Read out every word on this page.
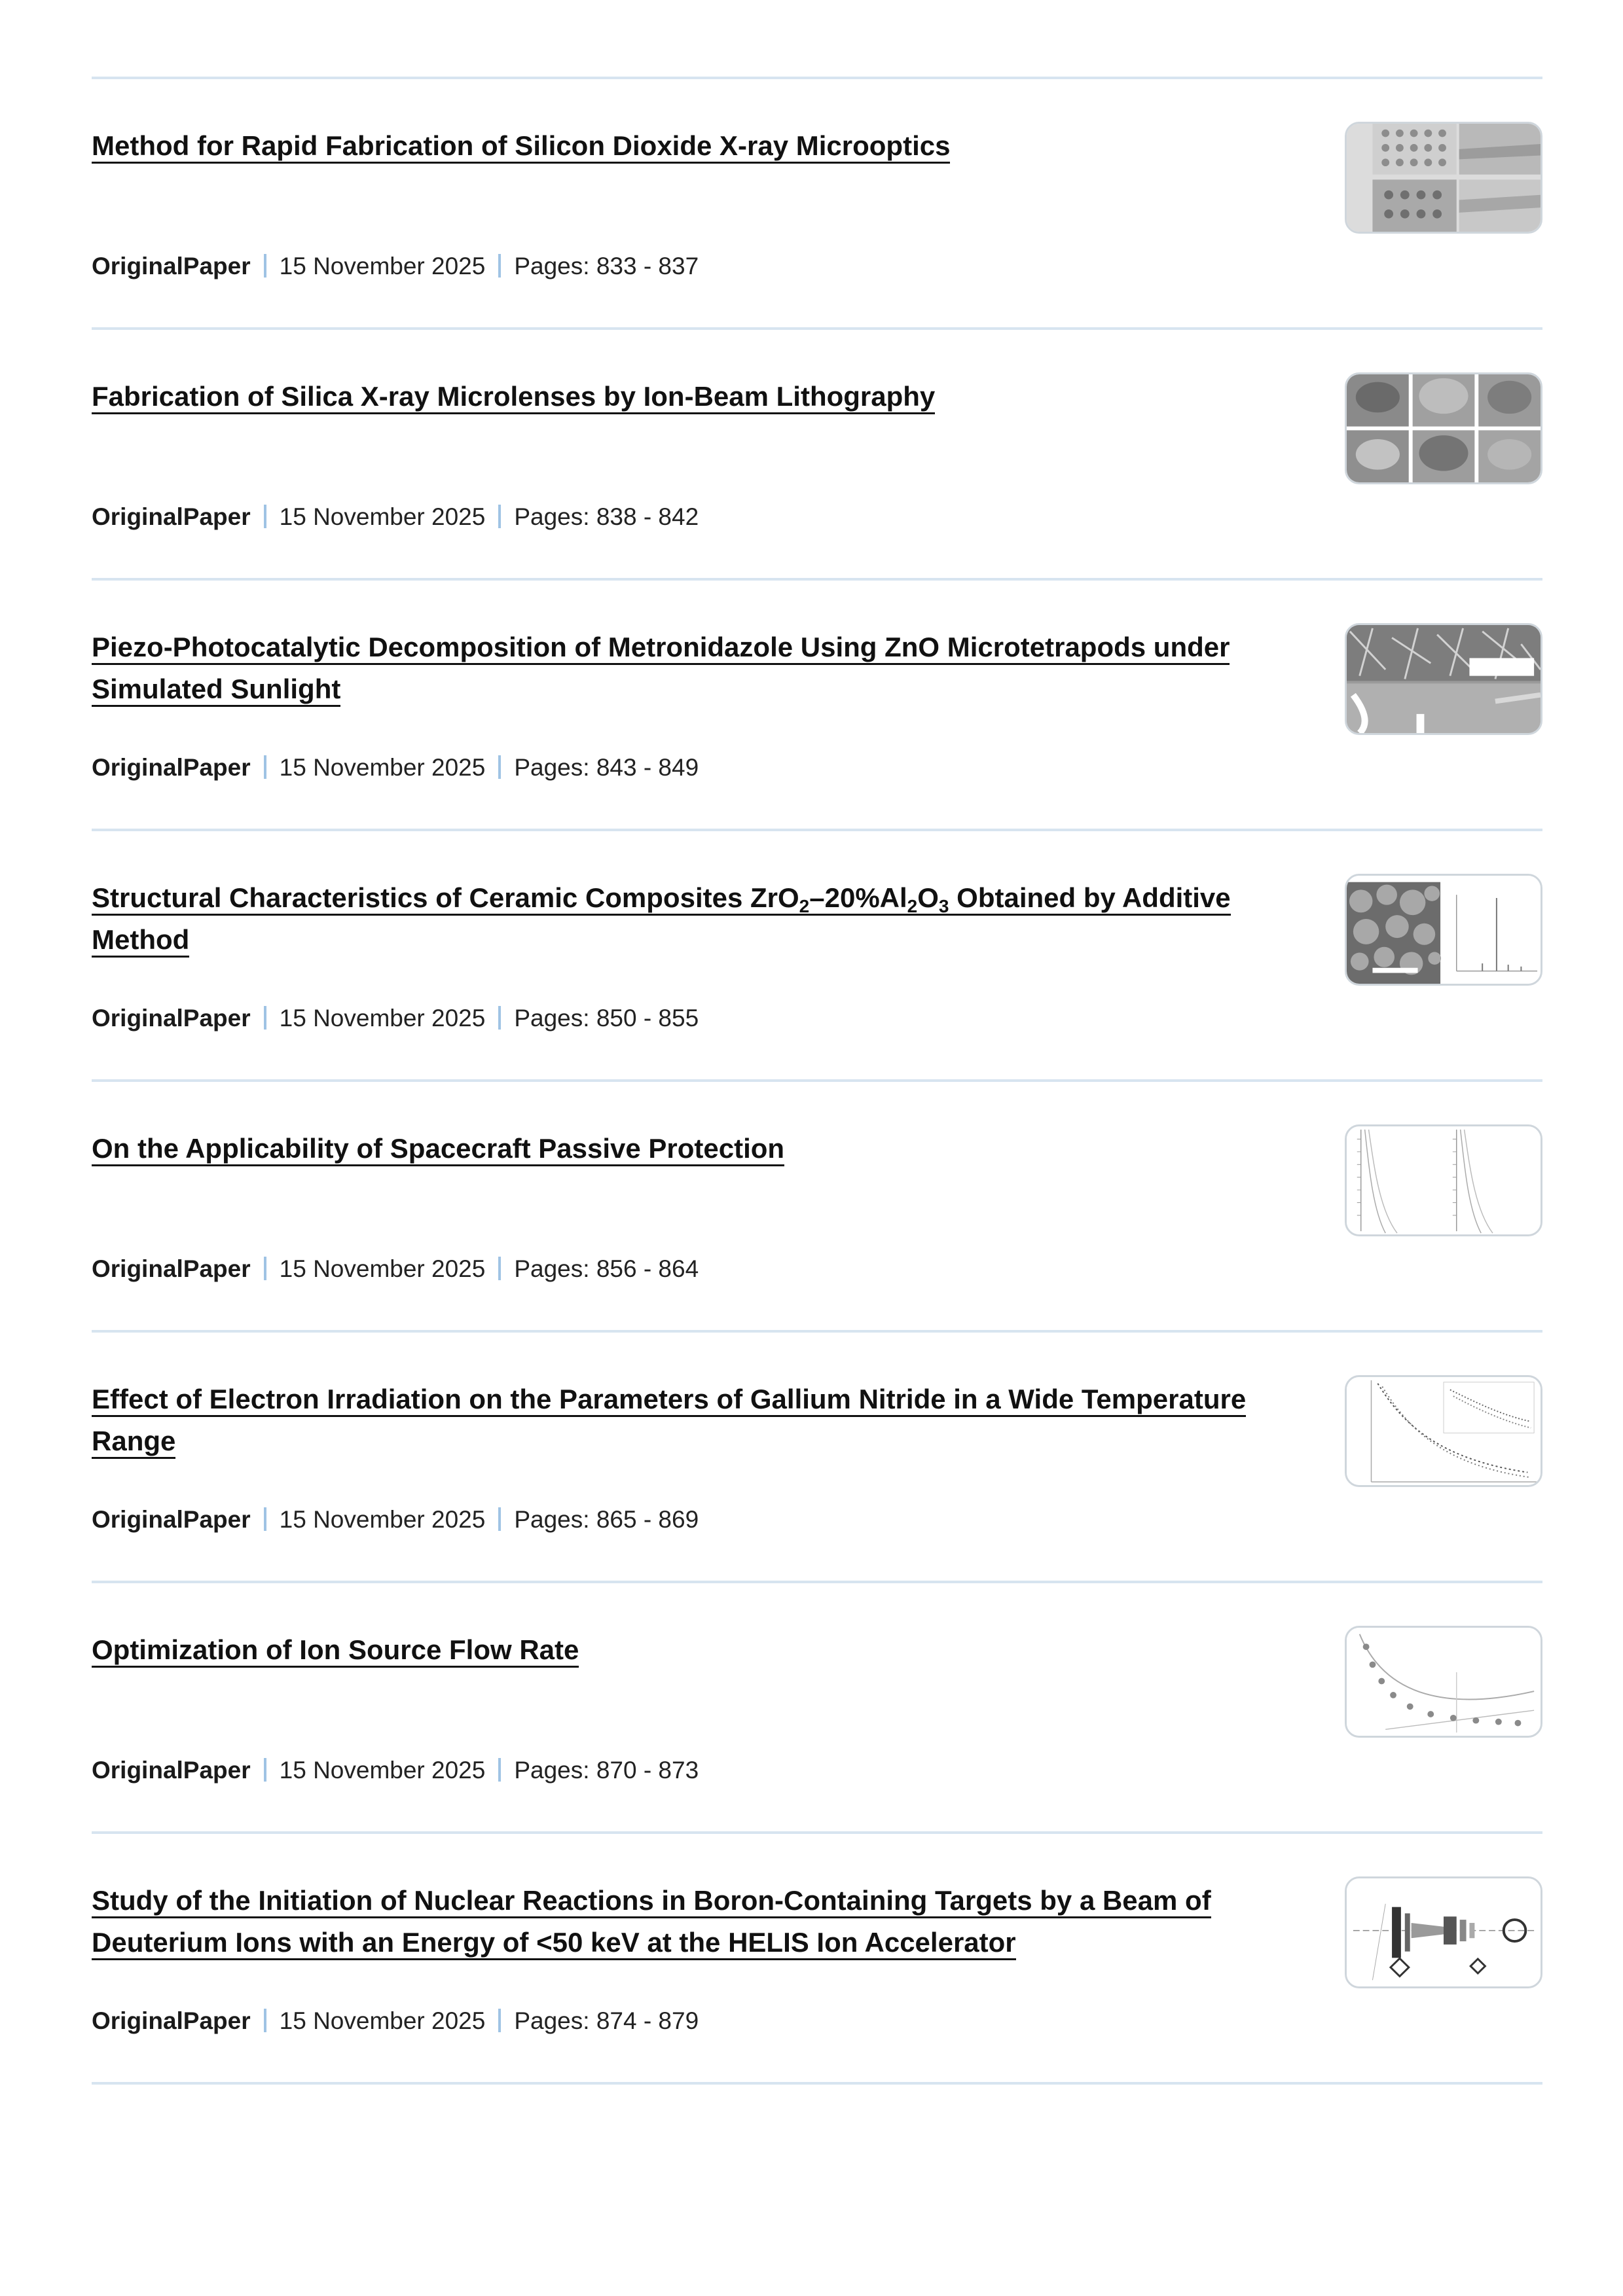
Method for Rapid Fabrication of Silicon Dioxide X-ray Microoptics
OriginalPaper 15 November 2025 Pages: 833 - 837
Fabrication of Silica X-ray Microlenses by Ion-Beam Lithography
OriginalPaper 15 November 2025 Pages: 838 - 842
Piezo-Photocatalytic Decomposition of Metronidazole Using ZnO Microtetrapods under Simulated Sunlight
OriginalPaper 15 November 2025 Pages: 843 - 849
Structural Characteristics of Ceramic Composites $ZrO_2-20\%Al_2O_3$ Obtained by Additive Method
OriginalPaper 15 November 2025 Pages: 850 - 855
On the Applicability of Spacecraft Passive Protection
OriginalPaper 15 November 2025 Pages: 856 - 864
Effect of Electron Irradiation on the Parameters of Gallium Nitride in a Wide Temperature Range
OriginalPaper 15 November 2025 Pages: 865 - 869
Optimization of Ion Source Flow Rate
OriginalPaper 15 November 2025 Pages: 870 - 873
Study of the Initiation of Nuclear Reactions in Boron-Containing Targets by a Beam of Deuterium Ions with an Energy of <50 keV at the HELIS Ion Accelerator
OriginalPaper 15 November 2025 Pages: 874 - 879
